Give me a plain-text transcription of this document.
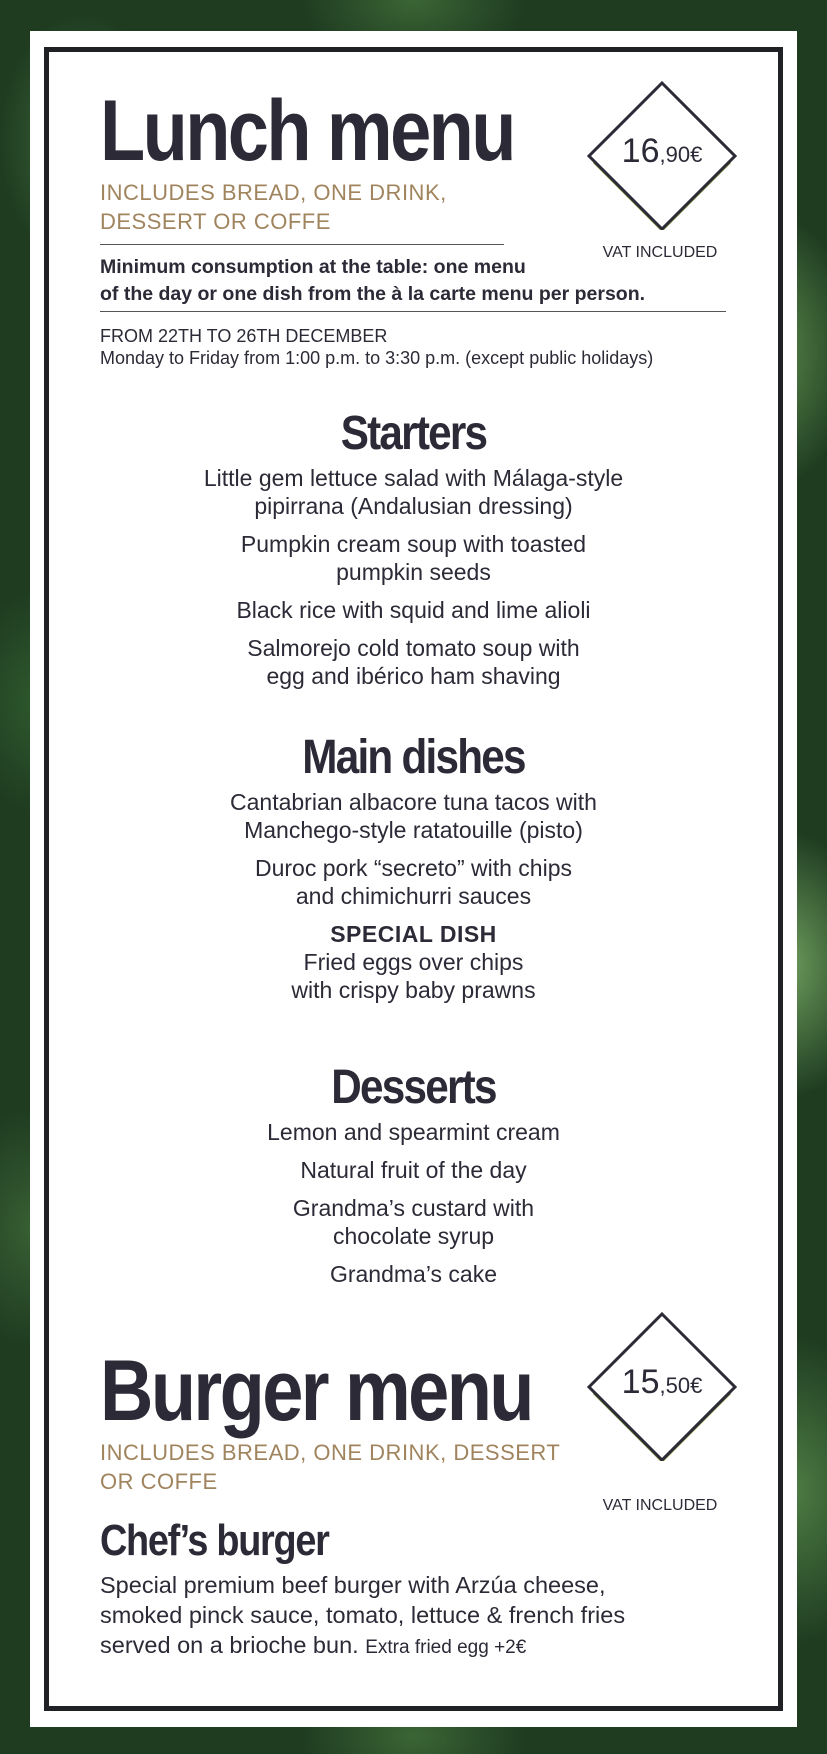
Lunch menu
INCLUDES BREAD, ONE DRINK,
DESSERT OR COFFE
16,90€
VAT INCLUDED
Minimum consumption at the table: one menu
of the day or one dish from the à la carte menu per person.
FROM 22TH TO 26TH DECEMBER
Monday to Friday from 1:00 p.m. to 3:30 p.m. (except public holidays)
Starters
Little gem lettuce salad with Málaga-style
pipirrana (Andalusian dressing)
Pumpkin cream soup with toasted
pumpkin seeds
Black rice with squid and lime alioli
Salmorejo cold tomato soup with
egg and ibérico ham shaving
Main dishes
Cantabrian albacore tuna tacos with
Manchego-style ratatouille (pisto)
Duroc pork “secreto” with chips
and chimichurri sauces
SPECIAL DISH
Fried eggs over chips
with crispy baby prawns
Desserts
Lemon and spearmint cream
Natural fruit of the day
Grandma’s custard with
chocolate syrup
Grandma’s cake
Burger menu
INCLUDES BREAD, ONE DRINK, DESSERT
OR COFFE
15,50€
VAT INCLUDED
Chef’s burger
Special premium beef burger with Arzúa cheese,
smoked pinck sauce, tomato, lettuce & french fries
served on a brioche bun. Extra fried egg +2€
